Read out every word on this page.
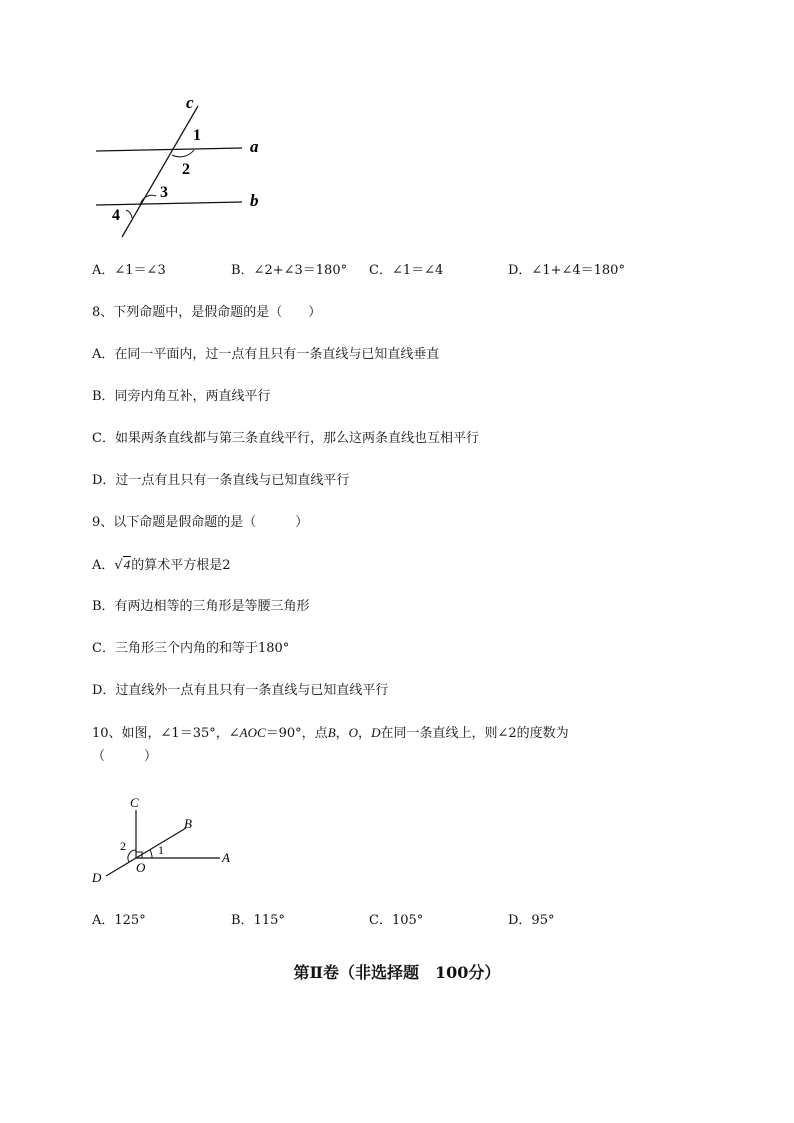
c
a
b
1
2
3
4
A．∠1＝∠3	B．∠2+∠3＝180° C．∠1＝∠4	D．∠1+∠4＝180°
8、下列命题中，是假命题的是（　　）
A．在同一平面内，过一点有且只有一条直线与已知直线垂直
B．同旁内角互补，两直线平行
C．如果两条直线都与第三条直线平行，那么这两条直线也互相平行
D．过一点有且只有一条直线与已知直线平行
9、以下命题是假命题的是（　　　）
A．√4的算术平方根是2
B．有两边相等的三角形是等腰三角形
C．三角形三个内角的和等于180°
D．过直线外一点有且只有一条直线与已知直线平行
10、如图，∠1＝35°，∠AOC＝90°，点B，O，D在同一条直线上，则∠2的度数为
（　　　）
C
B
A
D
O
1
2
A．125°	B．115°	C．105°	D．95°
第Ⅱ卷（非选择题　100分）
